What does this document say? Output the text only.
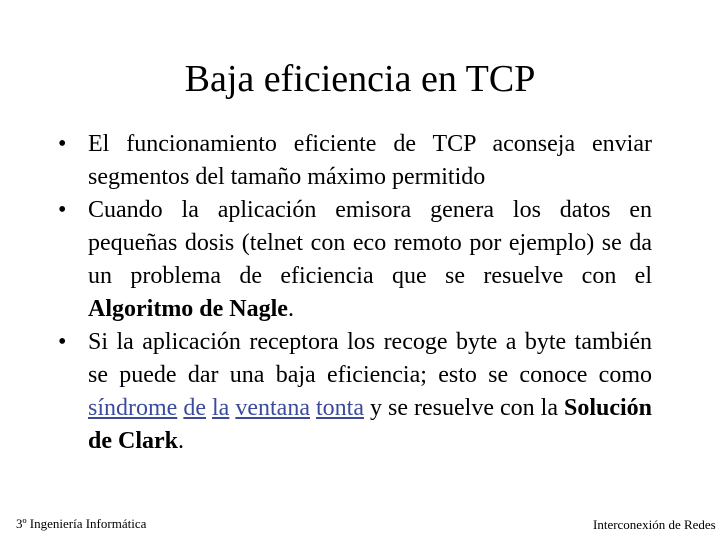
Baja eficiencia en TCP
• El funcionamiento eficiente de TCP aconseja enviar segmentos del tamaño máximo permitido
• Cuando la aplicación emisora genera los datos en pequeñas dosis (telnet con eco remoto por ejemplo) se da un problema de eficiencia que se resuelve con el Algoritmo de Nagle.
• Si la aplicación receptora los recoge byte a byte también se puede dar una baja eficiencia; esto se conoce como síndrome de la ventana tonta y se resuelve con la Solución de Clark.
3º Ingeniería Informática	Interconexión de Redes
